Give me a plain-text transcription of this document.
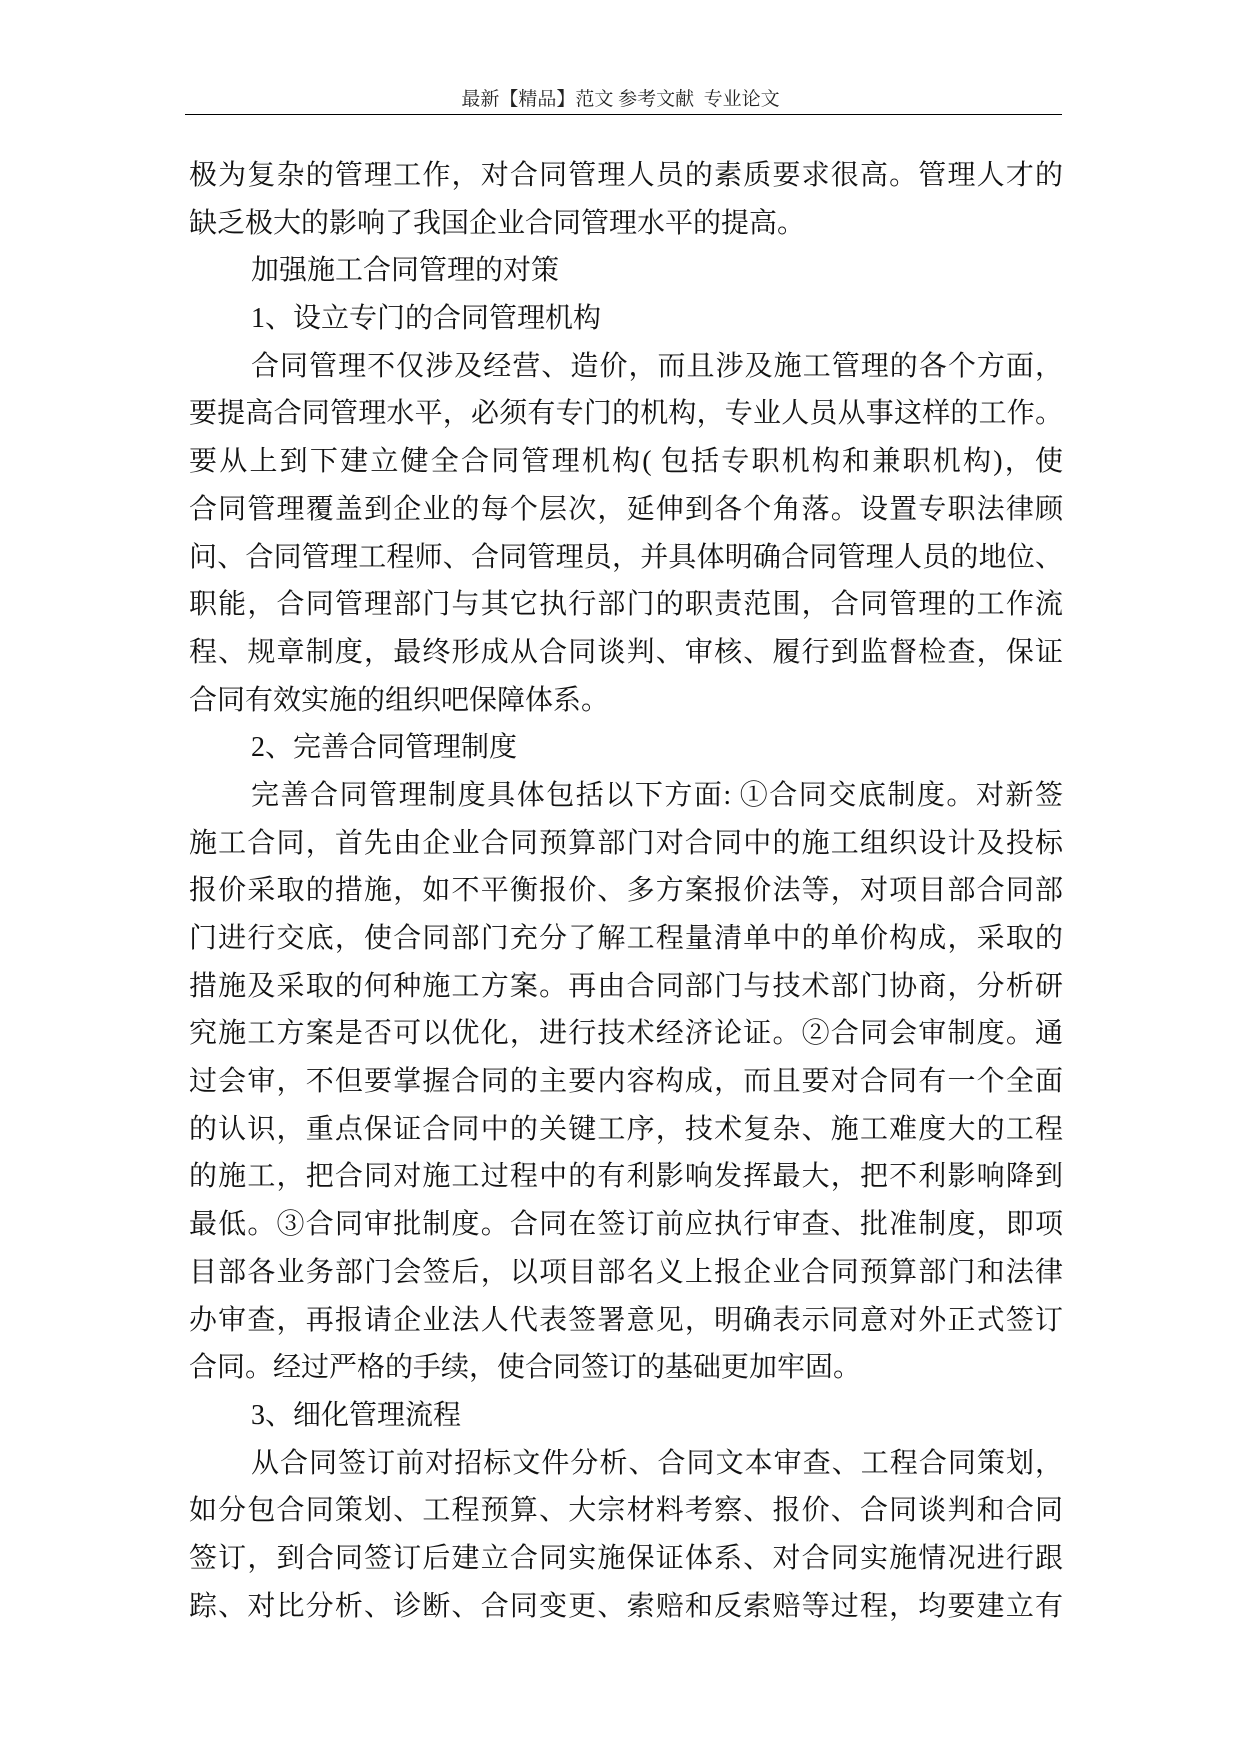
最新【精品】范文 参考文献  专业论文
极为复杂的管理工作，对合同管理人员的素质要求很高。管理人才的
缺乏极大的影响了我国企业合同管理水平的提高。
加强施工合同管理的对策
1、设立专门的合同管理机构
合同管理不仅涉及经营、造价，而且涉及施工管理的各个方面，
要提高合同管理水平，必须有专门的机构，专业人员从事这样的工作。
要从上到下建立健全合同管理机构( 包括专职机构和兼职机构)，使
合同管理覆盖到企业的每个层次，延伸到各个角落。设置专职法律顾
问、合同管理工程师、合同管理员，并具体明确合同管理人员的地位、
职能，合同管理部门与其它执行部门的职责范围，合同管理的工作流
程、规章制度，最终形成从合同谈判、审核、履行到监督检查，保证
合同有效实施的组织吧保障体系。
2、完善合同管理制度
完善合同管理制度具体包括以下方面: ①合同交底制度。对新签
施工合同，首先由企业合同预算部门对合同中的施工组织设计及投标
报价采取的措施，如不平衡报价、多方案报价法等，对项目部合同部
门进行交底，使合同部门充分了解工程量清单中的单价构成，采取的
措施及采取的何种施工方案。再由合同部门与技术部门协商，分析研
究施工方案是否可以优化，进行技术经济论证。②合同会审制度。通
过会审，不但要掌握合同的主要内容构成，而且要对合同有一个全面
的认识，重点保证合同中的关键工序，技术复杂、施工难度大的工程
的施工，把合同对施工过程中的有利影响发挥最大，把不利影响降到
最低。③合同审批制度。合同在签订前应执行审查、批准制度，即项
目部各业务部门会签后，以项目部名义上报企业合同预算部门和法律
办审查，再报请企业法人代表签署意见，明确表示同意对外正式签订
合同。经过严格的手续，使合同签订的基础更加牢固。
3、细化管理流程
从合同签订前对招标文件分析、合同文本审查、工程合同策划，
如分包合同策划、工程预算、大宗材料考察、报价、合同谈判和合同
签订，到合同签订后建立合同实施保证体系、对合同实施情况进行跟
踪、对比分析、诊断、合同变更、索赔和反索赔等过程，均要建立有
